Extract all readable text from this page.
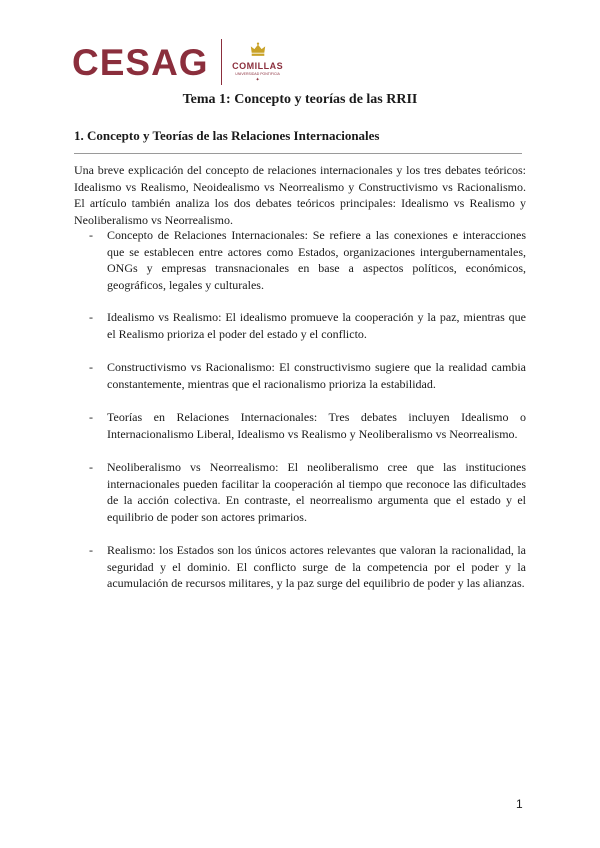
CESAG	COMILLAS
UNIVERSIDAD PONTIFICIA
✦
Tema 1: Concepto y teorías de las RRII
1. Concepto y Teorías de las Relaciones Internacionales

Una breve explicación del concepto de relaciones internacionales y los tres debates teóricos: Idealismo vs Realismo, Neoidealismo vs Neorrealismo y Constructivismo vs Racionalismo. El artículo también analiza los dos debates teóricos principales: Idealismo vs Realismo y Neoliberalismo vs Neorrealismo.

- Concepto de Relaciones Internacionales: Se refiere a las conexiones e interacciones que se establecen entre actores como Estados, organizaciones intergubernamentales, ONGs y empresas transnacionales en base a aspectos políticos, económicos, geográficos, legales y culturales.
- Idealismo vs Realismo: El idealismo promueve la cooperación y la paz, mientras que el Realismo prioriza el poder del estado y el conflicto.
- Constructivismo vs Racionalismo: El constructivismo sugiere que la realidad cambia constantemente, mientras que el racionalismo prioriza la estabilidad.
- Teorías en Relaciones Internacionales: Tres debates incluyen Idealismo o Internacionalismo Liberal, Idealismo vs Realismo y Neoliberalismo vs Neorrealismo.
- Neoliberalismo vs Neorrealismo: El neoliberalismo cree que las instituciones internacionales pueden facilitar la cooperación al tiempo que reconoce las dificultades de la acción colectiva. En contraste, el neorrealismo argumenta que el estado y el equilibrio de poder son actores primarios.
- Realismo: los Estados son los únicos actores relevantes que valoran la racionalidad, la seguridad y el dominio. El conflicto surge de la competencia por el poder y la acumulación de recursos militares, y la paz surge del equilibrio de poder y las alianzas.
1
